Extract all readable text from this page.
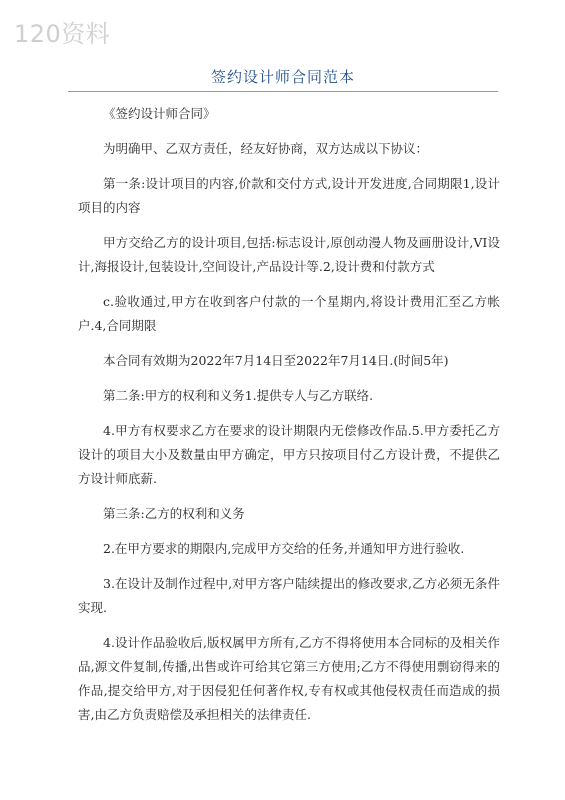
120资料
签约设计师合同范本

《签约设计师合同》

为明确甲、乙双方责任，经友好协商，双方达成以下协议：

第一条:设计项目的内容,价款和交付方式,设计开发进度,合同期限1,设计项目的内容

甲方交给乙方的设计项目,包括:标志设计,原创动漫人物及画册设计,VI设计,海报设计,包装设计,空间设计,产品设计等.2,设计费和付款方式

c.验收通过,甲方在收到客户付款的一个星期内,将设计费用汇至乙方帐户.4,合同期限

本合同有效期为2022年7月14日至2022年7月14日.(时间5年)

第二条:甲方的权利和义务1.提供专人与乙方联络.

4.甲方有权要求乙方在要求的设计期限内无偿修改作品.5.甲方委托乙方设计的项目大小及数量由甲方确定，甲方只按项目付乙方设计费，不提供乙方设计师底薪.

第三条:乙方的权利和义务

2.在甲方要求的期限内,完成甲方交给的任务,并通知甲方进行验收.

3.在设计及制作过程中,对甲方客户陆续提出的修改要求,乙方必须无条件实现.

4.设计作品验收后,版权属甲方所有,乙方不得将使用本合同标的及相关作品,源文件复制,传播,出售或许可给其它第三方使用;乙方不得使用剽窃得来的作品,提交给甲方,对于因侵犯任何著作权,专有权或其他侵权责任而造成的损害,由乙方负责赔偿及承担相关的法律责任.
